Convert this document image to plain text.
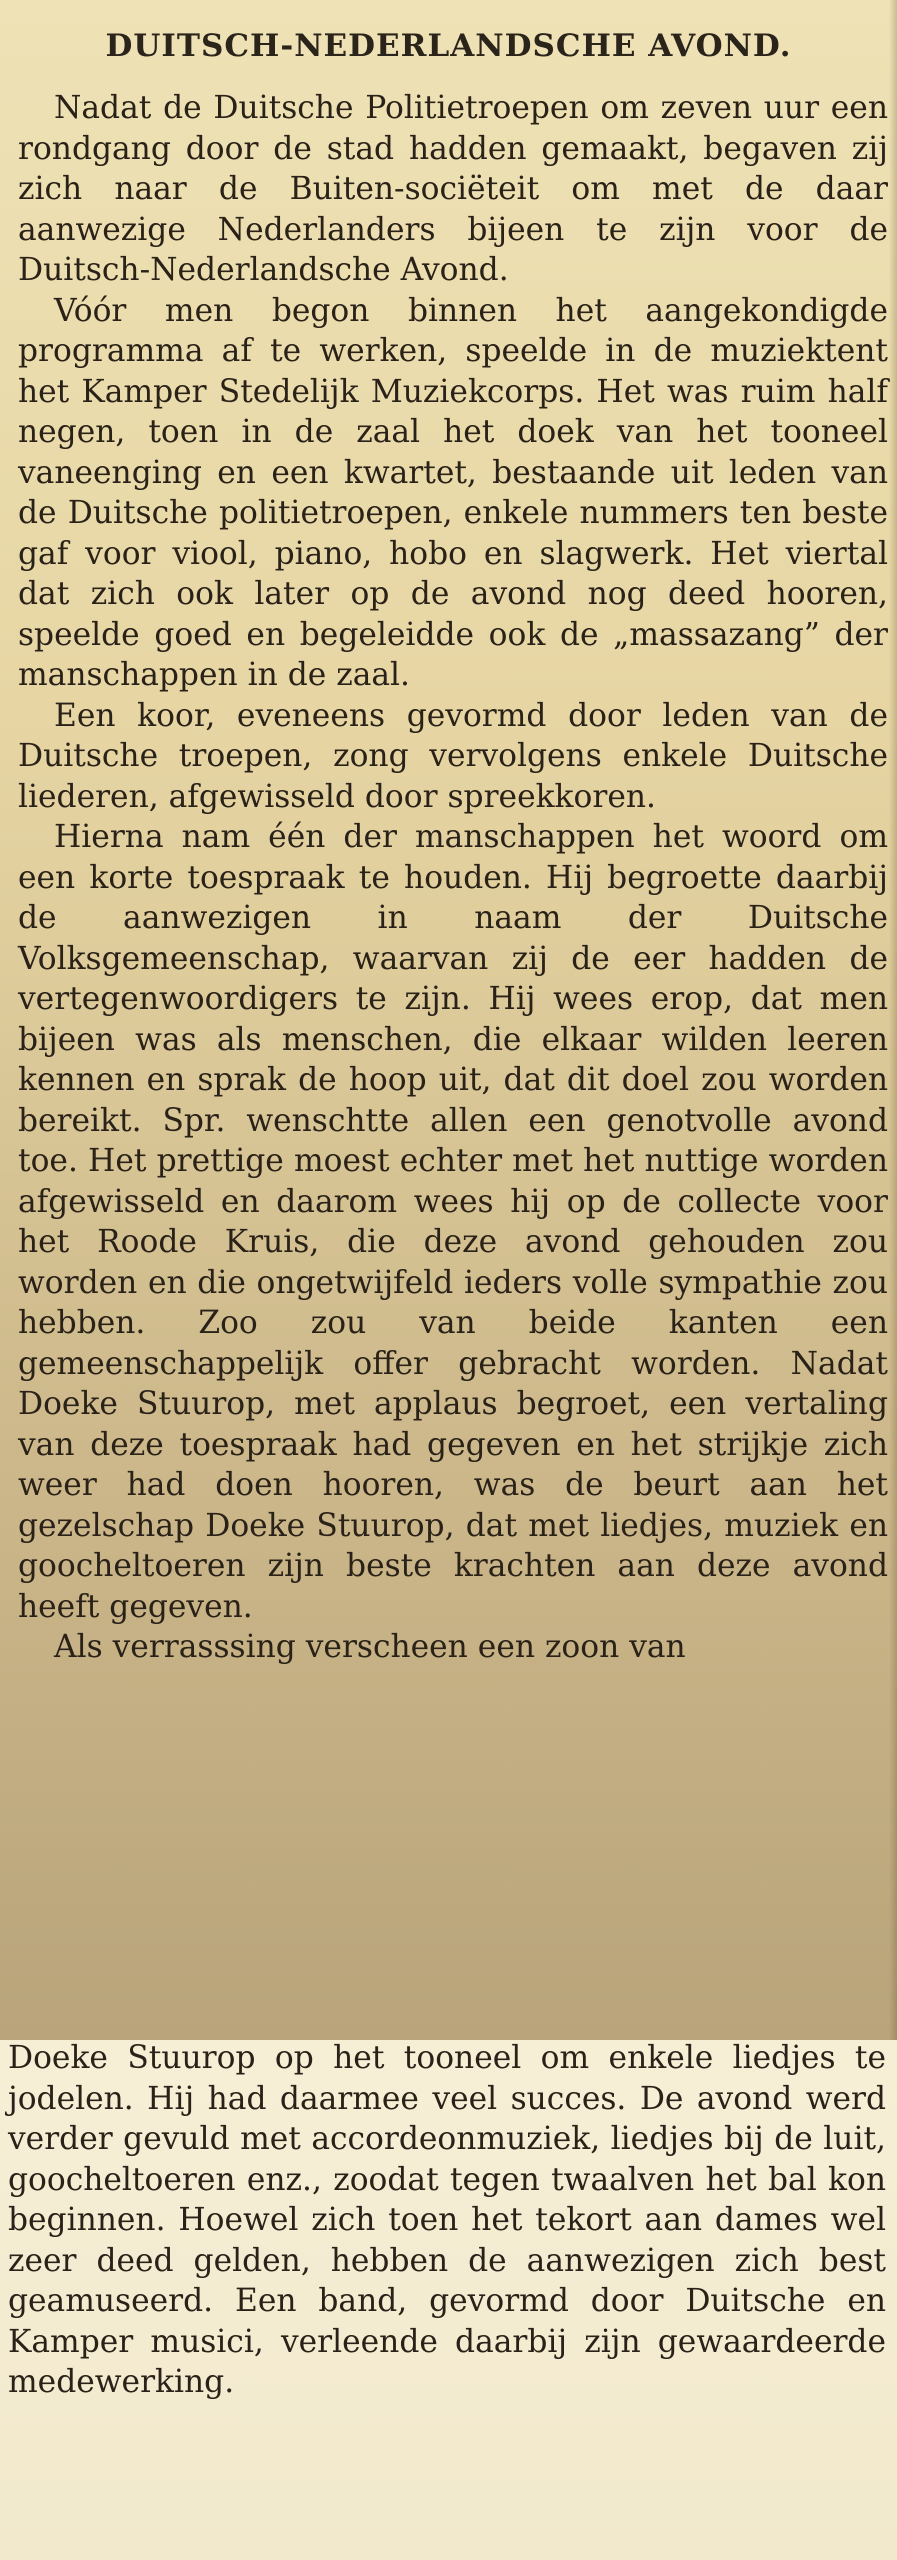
DUITSCH-NEDERLANDSCHE AVOND.

Nadat de Duitsche Politietroepen om zeven uur een rondgang door de stad hadden gemaakt, begaven zij zich naar de Buiten-sociëteit om met de daar aanwezige Nederlanders bijeen te zijn voor de Duitsch-Nederlandsche Avond.

Vóór men begon binnen het aangekondigde programma af te werken, speelde in de muziektent het Kamper Stedelijk Muziekcorps. Het was ruim half negen, toen in de zaal het doek van het tooneel vaneenging en een kwartet, bestaande uit leden van de Duitsche politietroepen, enkele nummers ten beste gaf voor viool, piano, hobo en slagwerk. Het viertal dat zich ook later op de avond nog deed hooren, speelde goed en begeleidde ook de „massazang” der manschappen in de zaal.

Een koor, eveneens gevormd door leden van de Duitsche troepen, zong vervolgens enkele Duitsche liederen, afgewisseld door spreekkoren.

Hierna nam één der manschappen het woord om een korte toespraak te houden. Hij begroette daarbij de aanwezigen in naam der Duitsche Volksgemeenschap, waarvan zij de eer hadden de vertegenwoordigers te zijn. Hij wees erop, dat men bijeen was als menschen, die elkaar wilden leeren kennen en sprak de hoop uit, dat dit doel zou worden bereikt. Spr. wenschtte allen een genotvolle avond toe. Het prettige moest echter met het nuttige worden afgewisseld en daarom wees hij op de collecte voor het Roode Kruis, die deze avond gehouden zou worden en die ongetwijfeld ieders volle sympathie zou hebben. Zoo zou van beide kanten een gemeenschappelijk offer gebracht worden. Nadat Doeke Stuurop, met applaus begroet, een vertaling van deze toespraak had gegeven en het strijkje zich weer had doen hooren, was de beurt aan het gezelschap Doeke Stuurop, dat met liedjes, muziek en goocheltoeren zijn beste krachten aan deze avond heeft gegeven.

Als verrasssing verscheen een zoon van

Doeke Stuurop op het tooneel om enkele liedjes te jodelen. Hij had daarmee veel succes. De avond werd verder gevuld met accordeonmuziek, liedjes bij de luit, goocheltoeren enz., zoodat tegen twaalven het bal kon beginnen. Hoewel zich toen het tekort aan dames wel zeer deed gelden, hebben de aanwezigen zich best geamuseerd. Een band, gevormd door Duitsche en Kamper musici, verleende daarbij zijn gewaardeerde medewerking.
